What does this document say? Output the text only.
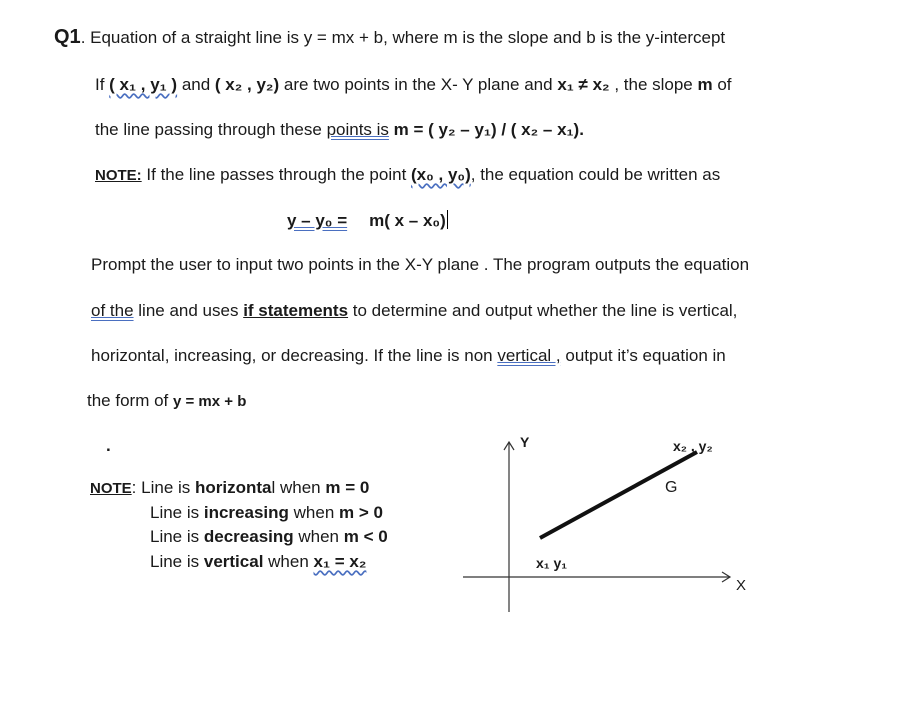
Q1. Equation of a straight line is y = mx + b, where m is the slope and b is the y-intercept
If ( x₁ , y₁ ) and ( x₂ , y₂) are two points in the X- Y plane and x₁ ≠ x₂ , the slope m of
the line passing through these points is m = ( y₂ – y₁) / ( x₂ – x₁).
NOTE: If the line passes through the point (x₀ , y₀), the equation could be written as
y – y₀ = m( x – x₀)
Prompt the user to input two points in the X-Y plane . The program outputs the equation
of the line and uses if statements to determine and output whether the line is vertical,
horizontal, increasing, or decreasing. If the line is non vertical , output it’s equation in
the form of y = mx + b
.
NOTE: Line is horizontal when m = 0
Line is increasing when m > 0
Line is decreasing when m < 0
Line is vertical when x₁ = x₂
Y
X
x₂ , y₂
x₁ y₁
G
